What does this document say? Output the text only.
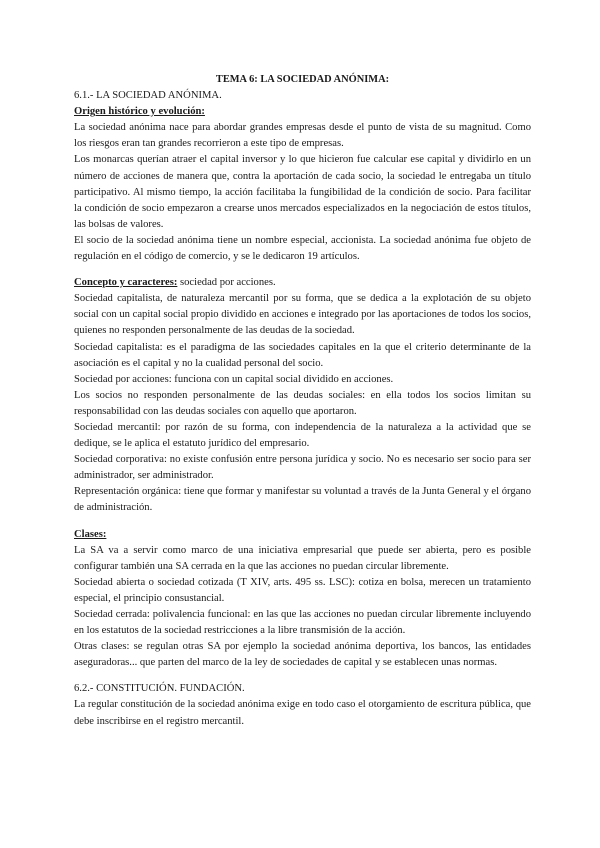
TEMA 6: LA SOCIEDAD ANÓNIMA:

6.1.- LA SOCIEDAD ANÓNIMA.

Origen histórico y evolución:

La sociedad anónima nace para abordar grandes empresas desde el punto de vista de su magnitud. Como los riesgos eran tan grandes recorrieron a este tipo de empresas.

Los monarcas querían atraer el capital inversor y lo que hicieron fue calcular ese capital y dividirlo en un número de acciones de manera que, contra la aportación de cada socio, la sociedad le entregaba un título participativo. Al mismo tiempo, la acción facilitaba la fungibilidad de la condición de socio. Para facilitar la condición de socio empezaron a crearse unos mercados especializados en la negociación de estos títulos, las bolsas de valores.

El socio de la sociedad anónima tiene un nombre especial, accionista. La sociedad anónima fue objeto de regulación en el código de comercio, y se le dedicaron 19 artículos.

Concepto y caracteres: sociedad por acciones.

Sociedad capitalista, de naturaleza mercantil por su forma, que se dedica a la explotación de su objeto social con un capital social propio dividido en acciones e integrado por las aportaciones de todos los socios, quienes no responden personalmente de las deudas de la sociedad.

Sociedad capitalista: es el paradigma de las sociedades capitales en la que el criterio determinante de la asociación es el capital y no la cualidad personal del socio.

Sociedad por acciones: funciona con un capital social dividido en acciones.

Los socios no responden personalmente de las deudas sociales: en ella todos los socios limitan su responsabilidad con las deudas sociales con aquello que aportaron.

Sociedad mercantil: por razón de su forma, con independencia de la naturaleza a la actividad que se dedique, se le aplica el estatuto jurídico del empresario.

Sociedad corporativa: no existe confusión entre persona jurídica y socio. No es necesario ser socio para ser administrador, ser administrador.

Representación orgánica: tiene que formar y manifestar su voluntad a través de la Junta General y el órgano de administración.

Clases:

La SA va a servir como marco de una iniciativa empresarial que puede ser abierta, pero es posible configurar también una SA cerrada en la que las acciones no puedan circular libremente.

Sociedad abierta o sociedad cotizada (T XIV, arts. 495 ss. LSC): cotiza en bolsa, merecen un tratamiento especial, el principio consustancial.

Sociedad cerrada: polivalencia funcional: en las que las acciones no puedan circular libremente incluyendo en los estatutos de la sociedad restricciones a la libre transmisión de la acción.

Otras clases: se regulan otras SA por ejemplo la sociedad anónima deportiva, los bancos, las entidades aseguradoras... que parten del marco de la ley de sociedades de capital y se establecen unas normas.

6.2.- CONSTITUCIÓN. FUNDACIÓN.

La regular constitución de la sociedad anónima exige en todo caso el otorgamiento de escritura pública, que debe inscribirse en el registro mercantil.
